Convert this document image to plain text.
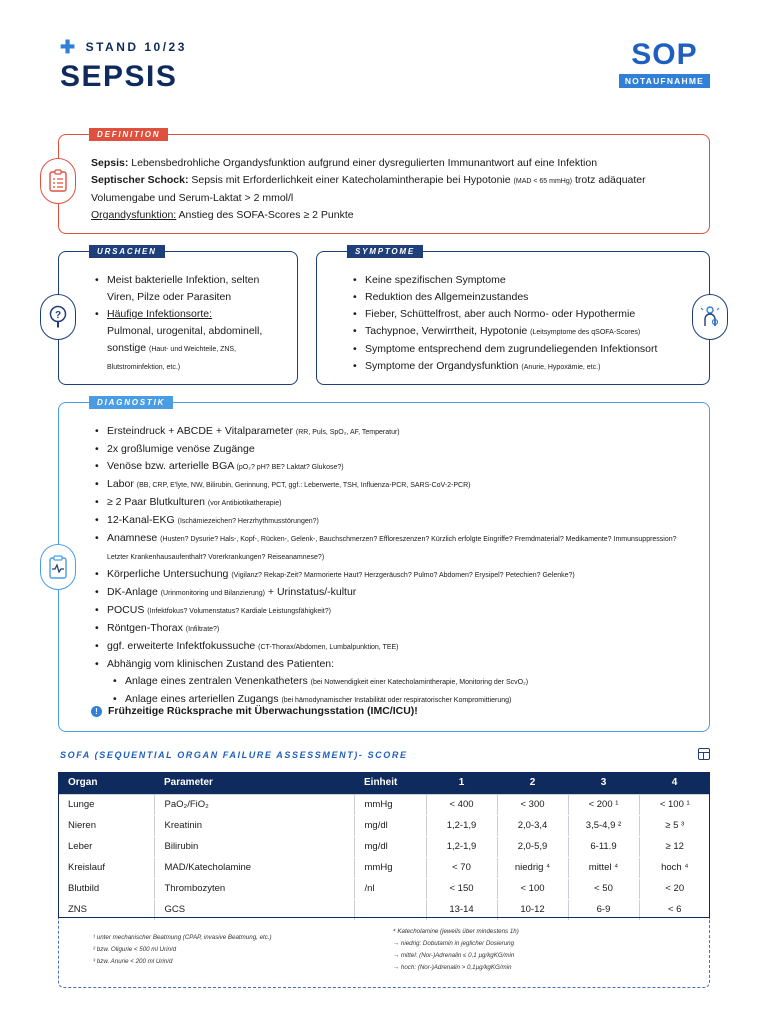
✚ STAND 10/23
SEPSIS
SOP
NOTAUFNAHME
DEFINITION
Sepsis: Lebensbedrohliche Organdysfunktion aufgrund einer dysregulierten Immunantwort auf eine Infektion
Septischer Schock: Sepsis mit Erforderlichkeit einer Katecholamintherapie bei Hypotonie (MAD < 65 mmHg) trotz adäquater Volumengabe und Serum-Laktat > 2 mmol/l
Organdysfunktion: Anstieg des SOFA-Scores ≥ 2 Punkte
URSACHEN
• Meist bakterielle Infektion, selten Viren, Pilze oder Parasiten
• Häufige Infektionsorte:
Pulmonal, urogenital, abdominell, sonstige (Haut- und Weichteile, ZNS, Blutstrominfektion, etc.)
?
SYMPTOME
• Keine spezifischen Symptome
• Reduktion des Allgemeinzustandes
• Fieber, Schüttelfrost, aber auch Normo- oder Hypothermie
• Tachypnoe, Verwirrtheit, Hypotonie (Leitsymptome des qSOFA-Scores)
• Symptome entsprechend dem zugrundeliegenden Infektionsort
• Symptome der Organdysfunktion (Anurie, Hypoxämie, etc.)
DIAGNOSTIK
• Ersteindruck + ABCDE + Vitalparameter (RR, Puls, SpO₂, AF, Temperatur)
• 2x großlumige venöse Zugänge
• Venöse bzw. arterielle BGA (pO₂? pH? BE? Laktat? Glukose?)
• Labor (BB, CRP, E'lyte, NW, Bilirubin, Gerinnung, PCT, ggf.: Leberwerte, TSH, Influenza-PCR, SARS-CoV-2-PCR)
• ≥ 2 Paar Blutkulturen (vor Antibiotikatherapie)
• 12-Kanal-EKG (Ischämiezeichen? Herzrhythmusstörungen?)
• Anamnese (Husten? Dysurie? Hals-, Kopf-, Rücken-, Gelenk-, Bauchschmerzen? Effloreszenzen? Kürzlich erfolgte Eingriffe? Fremdmaterial? Medikamente? Immunsuppression? Letzter Krankenhausaufenthalt? Vorerkrankungen? Reiseanamnese?)
• Körperliche Untersuchung (Vigilanz? Rekap-Zeit? Marmorierte Haut? Herzgeräusch? Pulmo? Abdomen? Erysipel? Petechien? Gelenke?)
• DK-Anlage (Urinmonitoring und Bilanzierung) + Urinstatus/-kultur
• POCUS (Infektfokus? Volumenstatus? Kardiale Leistungsfähigkeit?)
• Röntgen-Thorax (Infiltrate?)
• ggf. erweiterte Infektfokussuche (CT-Thorax/Abdomen, Lumbalpunktion, TEE)
• Abhängig vom klinischen Zustand des Patienten:
• Anlage eines zentralen Venenkatheters (bei Notwendigkeit einer Katecholamintherapie, Monitoring der ScvO₂)
• Anlage eines arteriellen Zugangs (bei hämodynamischer Instabilität oder respiratorischer Kompromittierung)
! Frühzeitige Rücksprache mit Überwachungsstation (IMC/ICU)!
SOFA (SEQUENTIAL ORGAN FAILURE ASSESSMENT)- SCORE
Organ	Parameter	Einheit	1	2	3	4
Lunge	PaO₂/FiO₂	mmHg	< 400	< 300	< 200 ¹	< 100 ¹
Nieren	Kreatinin	mg/dl	1,2-1,9	2,0-3,4	3,5-4,9 ²	≥ 5 ³
Leber	Bilirubin	mg/dl	1,2-1,9	2,0-5,9	6-11.9	≥ 12
Kreislauf	MAD/Katecholamine	mmHg	< 70	niedrig ⁴	mittel ⁴	hoch ⁴
Blutbild	Thrombozyten	/nl	< 150	< 100	< 50	< 20
ZNS	GCS		13-14	10-12	6-9	< 6
¹ unter mechanischer Beatmung (CPAP, invasive Beatmung, etc.)
² bzw. Oligurie < 500 ml Urin/d
³ bzw. Anurie < 200 ml Urin/d
⁴ Katecholamine (jeweils über mindestens 1h)
→ niedrig: Dobutamin in jeglicher Dosierung
→ mittel: (Nor-)Adrenalin ≤ 0,1 µg/kgKG/min
→ hoch: (Nor-)Adrenalin > 0,1µg/kgKG/min
